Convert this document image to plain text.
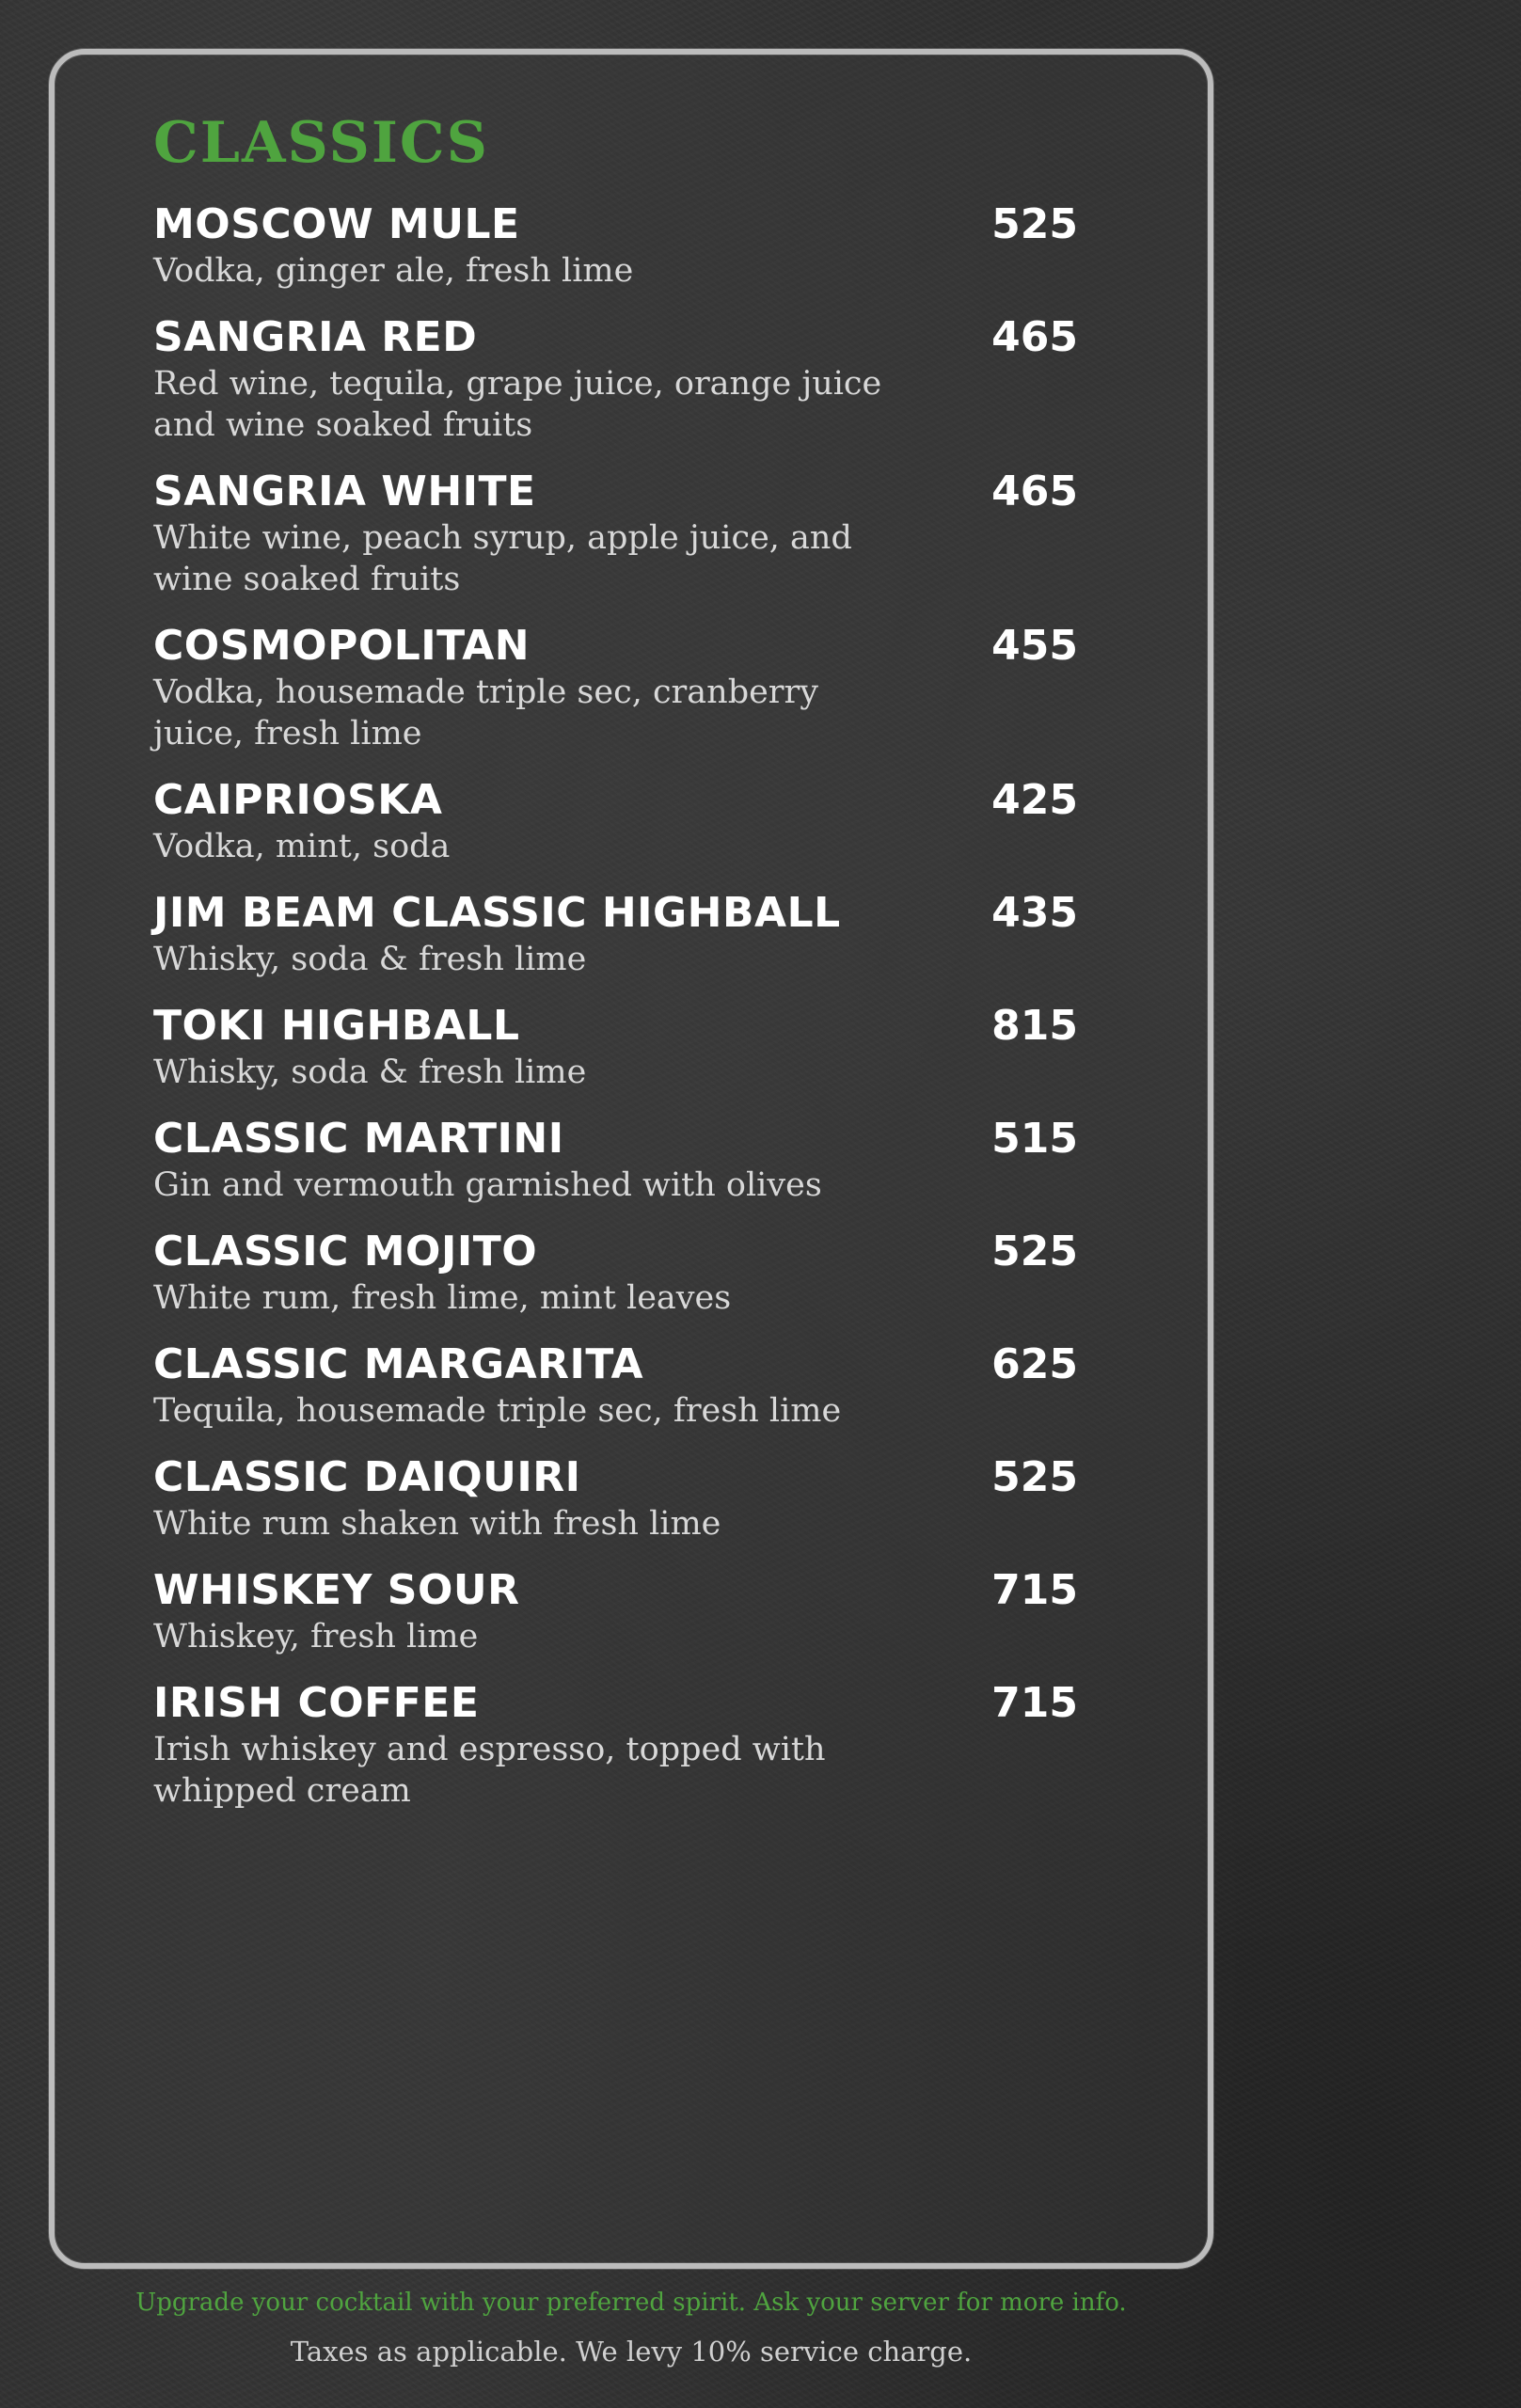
CLASSICS
MOSCOW MULE	525
Vodka, ginger ale, fresh lime
SANGRIA RED	465
Red wine, tequila, grape juice, orange juice and wine soaked fruits
SANGRIA WHITE	465
White wine, peach syrup, apple juice, and wine soaked fruits
COSMOPOLITAN	455
Vodka, housemade triple sec, cranberry juice, fresh lime
CAIPRIOSKA	425
Vodka, mint, soda
JIM BEAM CLASSIC HIGHBALL	435
Whisky, soda & fresh lime
TOKI HIGHBALL	815
Whisky, soda & fresh lime
CLASSIC MARTINI	515
Gin and vermouth garnished with olives
CLASSIC MOJITO	525
White rum, fresh lime, mint leaves
CLASSIC MARGARITA	625
Tequila, housemade triple sec, fresh lime
CLASSIC DAIQUIRI	525
White rum shaken with fresh lime
WHISKEY SOUR	715
Whiskey, fresh lime
IRISH COFFEE	715
Irish whiskey and espresso, topped with whipped cream
Upgrade your cocktail with your preferred spirit. Ask your server for more info.
Taxes as applicable. We levy 10% service charge.
